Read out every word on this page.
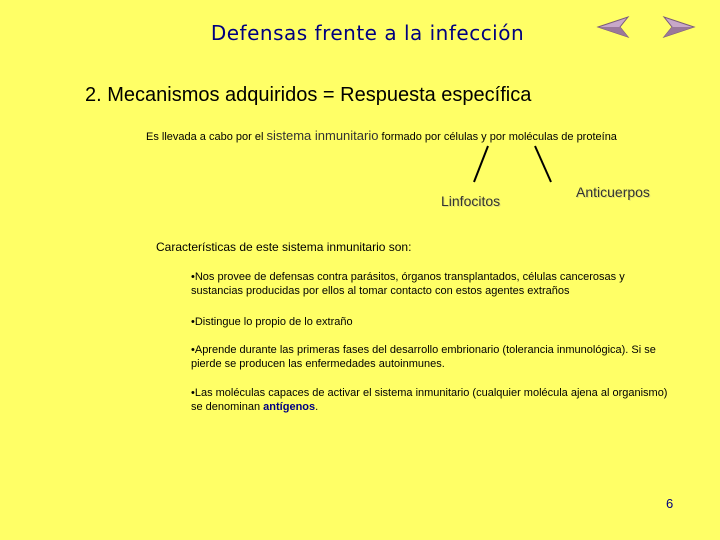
Defensas frente a la infección
2. Mecanismos adquiridos = Respuesta específica
Es llevada a cabo por el sistema inmunitario formado por células y por moléculas de proteína
Linfocitos
Anticuerpos
Características de este sistema inmunitario son:
•Nos provee de defensas contra parásitos, órganos transplantados, células cancerosas y sustancias producidas por ellos al tomar contacto con estos agentes extraños
•Distingue lo propio de lo extraño
•Aprende durante las primeras fases del desarrollo embrionario (tolerancia inmunológica). Si se pierde se producen las enfermedades autoinmunes.
•Las moléculas capaces de activar el sistema inmunitario (cualquier molécula ajena al organismo) se denominan antígenos.
6
